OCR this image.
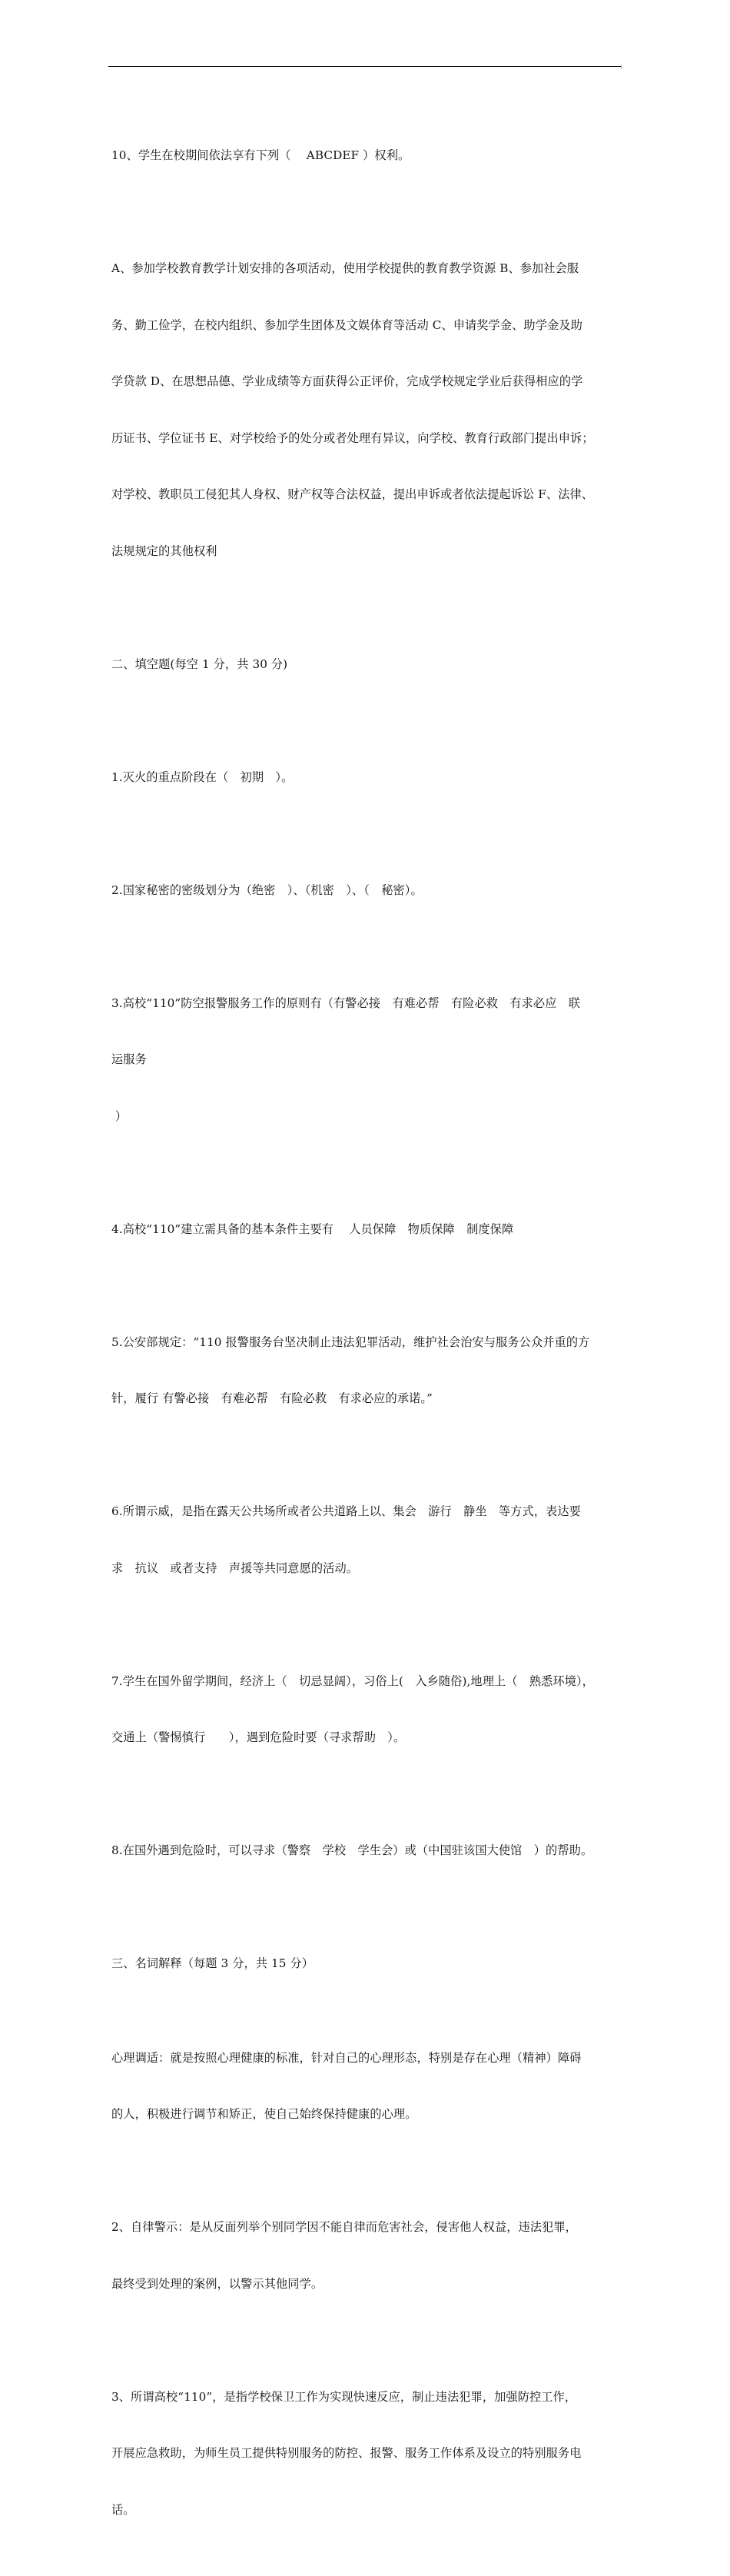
10、学生在校期间依法享有下列（　 ABCDEF ）权利。

A、参加学校教育教学计划安排的各项活动，使用学校提供的教育教学资源 B、参加社会服

务、勤工俭学，在校内组织、参加学生团体及文娱体育等活动 C、申请奖学金、助学金及助

学贷款 D、在思想品德、学业成绩等方面获得公正评价，完成学校规定学业后获得相应的学

历证书、学位证书 E、对学校给予的处分或者处理有异议，向学校、教育行政部门提出申诉；

对学校、教职员工侵犯其人身权、财产权等合法权益，提出申诉或者依法提起诉讼 F、法律、

法规规定的其他权利

二、填空题(每空 1 分，共 30 分)

1.灭火的重点阶段在（　初期　）。

2.国家秘密的密级划分为（绝密　）、（机密　）、（　秘密）。

3.高校“110”防空报警服务工作的原则有（有警必接　有难必帮　有险必救　有求必应　联

运服务

）

4.高校“110”建立需具备的基本条件主要有　 人员保障　物质保障　制度保障

5.公安部规定：“110 报警服务台坚决制止违法犯罪活动，维护社会治安与服务公众并重的方

针，履行 有警必接　有难必帮　有险必救　有求必应的承诺。”

6.所谓示威，是指在露天公共场所或者公共道路上以、集会　游行　静坐　等方式，表达要

求　抗议　或者支持　声援等共同意愿的活动。

7.学生在国外留学期间，经济上（　切忌显阔），习俗上(　入乡随俗),地理上（　熟悉环境），

交通上（警惕慎行　　），遇到危险时要（寻求帮助　）。

8.在国外遇到危险时，可以寻求（警察　学校　学生会）或（中国驻该国大使馆　）的帮助。

三、名词解释（每题 3 分，共 15 分）

心理调适：就是按照心理健康的标准，针对自己的心理形态，特别是存在心理（精神）障碍

的人，积极进行调节和矫正，使自己始终保持健康的心理。

2、自律警示：是从反面列举个别同学因不能自律而危害社会，侵害他人权益，违法犯罪，

最终受到处理的案例，以警示其他同学。

3、所谓高校“110”，是指学校保卫工作为实现快速反应，制止违法犯罪，加强防控工作，

开展应急救助，为师生员工提供特别服务的防控、报警、服务工作体系及设立的特别服务电

话。
